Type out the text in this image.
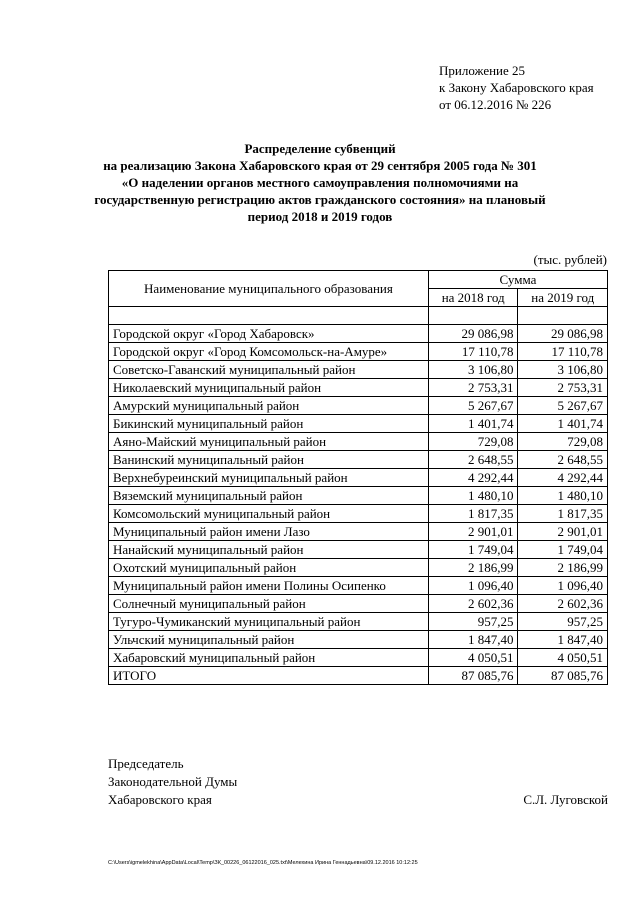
Приложение 25
к Закону Хабаровского края
от 06.12.2016 № 226
Распределение субвенций
на реализацию Закона Хабаровского края от 29 сентября 2005 года № 301
«О наделении органов местного самоуправления полномочиями на
государственную регистрацию актов гражданского состояния» на плановый
период 2018 и 2019 годов
(тыс. рублей)
Наименование муниципального образования	Сумма	
	на 2018 год	на 2019 год

Городской округ «Город Хабаровск»	29 086,98	29 086,98
Городской округ «Город Комсомольск-на-Амуре»	17 110,78	17 110,78
Советско-Гаванский муниципальный район	3 106,80	3 106,80
Николаевский муниципальный район	2 753,31	2 753,31
Амурский муниципальный район	5 267,67	5 267,67
Бикинский муниципальный район	1 401,74	1 401,74
Аяно-Майский муниципальный район	729,08	729,08
Ванинский муниципальный район	2 648,55	2 648,55
Верхнебуреинский муниципальный район	4 292,44	4 292,44
Вяземский муниципальный район	1 480,10	1 480,10
Комсомольский муниципальный район	1 817,35	1 817,35
Муниципальный район имени Лазо	2 901,01	2 901,01
Нанайский муниципальный район	1 749,04	1 749,04
Охотский муниципальный район	2 186,99	2 186,99
Муниципальный район имени Полины Осипенко	1 096,40	1 096,40
Солнечный муниципальный район	2 602,36	2 602,36
Тугуро-Чумиканский муниципальный район	957,25	957,25
Ульчский муниципальный район	1 847,40	1 847,40
Хабаровский муниципальный район	4 050,51	4 050,51
ИТОГО	87 085,76	87 085,76
Председатель
Законодательной Думы
Хабаровского края	С.Л. Луговской
C:\Users\igmelekhina\AppData\Local\Temp\ЗК_00226_06122016_025.txt\Мелехина Ирина Геннадьевна\09.12.2016 10:12:25
